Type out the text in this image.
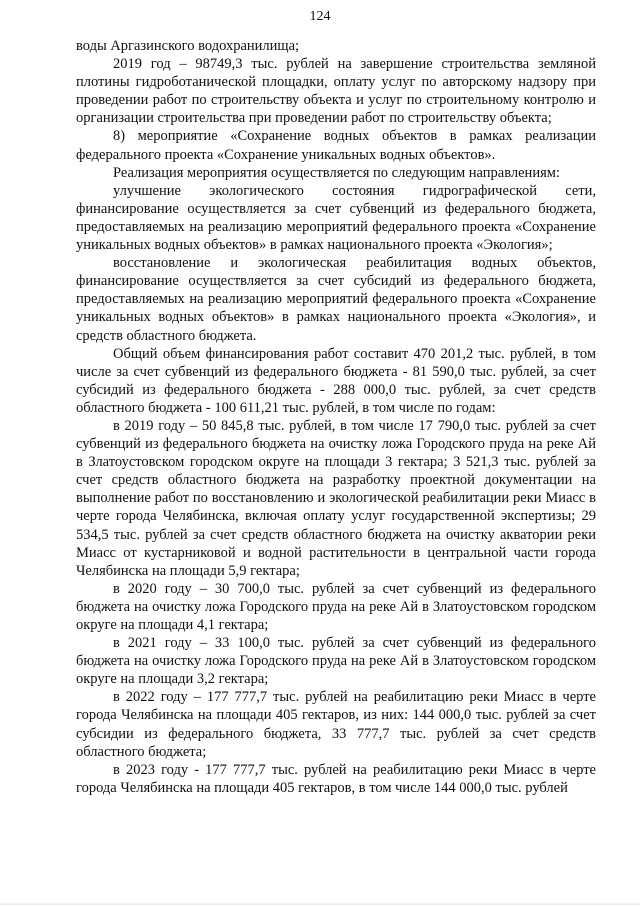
124

воды Аргазинского водохранилища;

2019 год – 98749,3 тыс. рублей на завершение строительства земляной плотины гидроботанической площадки, оплату услуг по авторскому надзору при проведении работ по строительству объекта и услуг по строительному контролю и организации строительства при проведении работ по строительству объекта;

8) мероприятие «Сохранение водных объектов в рамках реализации федерального проекта «Сохранение уникальных водных объектов».

Реализация мероприятия осуществляется по следующим направлениям:

улучшение экологического состояния гидрографической сети, финансирование осуществляется за счет субвенций из федерального бюджета, предоставляемых на реализацию мероприятий федерального проекта «Сохранение уникальных водных объектов» в рамках национального проекта «Экология»;

восстановление и экологическая реабилитация водных объектов, финансирование осуществляется за счет субсидий из федерального бюджета, предоставляемых на реализацию мероприятий федерального проекта «Сохранение уникальных водных объектов» в рамках национального проекта «Экология», и средств областного бюджета.

Общий объем финансирования работ составит 470 201,2 тыс. рублей, в том числе за счет субвенций из федерального бюджета - 81 590,0 тыс. рублей, за счет субсидий из федерального бюджета - 288 000,0 тыс. рублей, за счет средств областного бюджета - 100 611,21 тыс. рублей, в том числе по годам:

в 2019 году – 50 845,8 тыс. рублей, в том числе 17 790,0 тыс. рублей за счет субвенций из федерального бюджета на очистку ложа Городского пруда на реке Ай в Златоустовском городском округе на площади 3 гектара; 3 521,3 тыс. рублей за счет средств областного бюджета на разработку проектной документации на выполнение работ по восстановлению и экологической реабилитации реки Миасс в черте города Челябинска, включая оплату услуг государственной экспертизы; 29 534,5 тыс. рублей за счет средств областного бюджета на очистку акватории реки Миасс от кустарниковой и водной растительности в центральной части города Челябинска на площади 5,9 гектара;

в 2020 году – 30 700,0 тыс. рублей за счет субвенций из федерального бюджета на очистку ложа Городского пруда на реке Ай в Златоустовском городском округе на площади 4,1 гектара;

в 2021 году – 33 100,0 тыс. рублей за счет субвенций из федерального бюджета на очистку ложа Городского пруда на реке Ай в Златоустовском городском округе на площади 3,2 гектара;

в 2022 году – 177 777,7 тыс. рублей на реабилитацию реки Миасс в черте города Челябинска на площади 405 гектаров, из них: 144 000,0 тыс. рублей за счет субсидии из федерального бюджета, 33 777,7 тыс. рублей за счет средств областного бюджета;

в 2023 году - 177 777,7 тыс. рублей на реабилитацию реки Миасс в черте города Челябинска на площади 405 гектаров, в том числе 144 000,0 тыс. рублей
